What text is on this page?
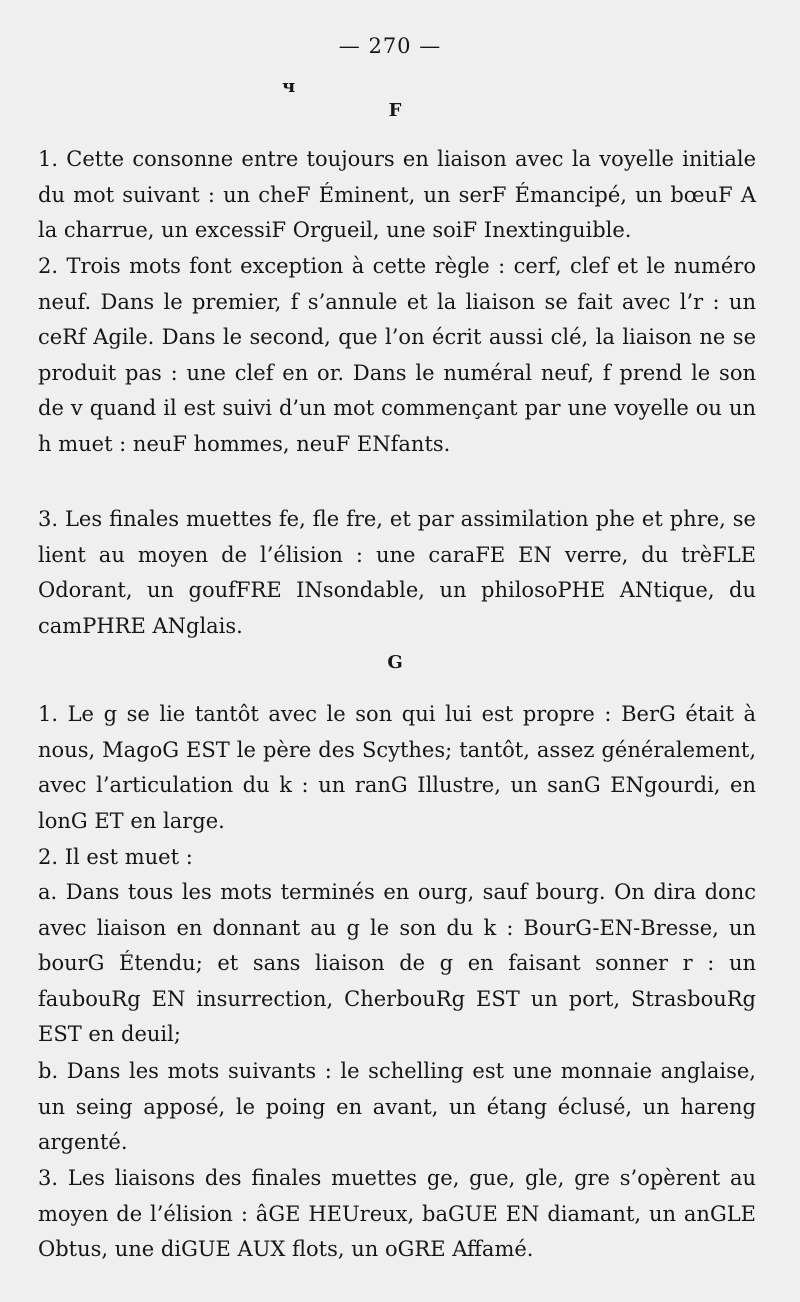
— 270 —
ч
F

1. Cette consonne entre toujours en liaison avec la voyelle initiale du mot suivant : un cheF Éminent, un serF Émancipé, un bœuF A la charrue, un excessiF Orgueil, une soiF Inextinguible.

2. Trois mots font exception à cette règle : cerf, clef et le numéro neuf. Dans le premier, f s’annule et la liaison se fait avec l’r : un ceRf Agile. Dans le second, que l’on écrit aussi clé, la liaison ne se produit pas : une clef en or. Dans le numéral neuf, f prend le son de v quand il est suivi d’un mot commençant par une voyelle ou un h muet : neuF hommes, neuF ENfants.

3. Les finales muettes fe, fle fre, et par assimilation phe et phre, se lient au moyen de l’élision : une caraFE EN verre, du trèFLE Odorant, un goufFRE INsondable, un philosoPHE ANtique, du camPHRE ANglais.

G

1. Le g se lie tantôt avec le son qui lui est propre : BerG était à nous, MagoG EST le père des Scythes; tantôt, assez généralement, avec l’articulation du k : un ranG Illustre, un sanG ENgourdi, en lonG ET en large.

2. Il est muet :

a. Dans tous les mots terminés en ourg, sauf bourg. On dira donc avec liaison en donnant au g le son du k : BourG-EN-Bresse, un bourG Étendu; et sans liaison de g en faisant sonner r : un faubouRg EN insurrection, CherbouRg EST un port, StrasbouRg EST en deuil;

b. Dans les mots suivants : le schelling est une monnaie anglaise, un seing apposé, le poing en avant, un étang éclusé, un hareng argenté.

3. Les liaisons des finales muettes ge, gue, gle, gre s’opèrent au moyen de l’élision : âGE HEUreux, baGUE EN diamant, un anGLE Obtus, une diGUE AUX flots, un oGRE Affamé.
